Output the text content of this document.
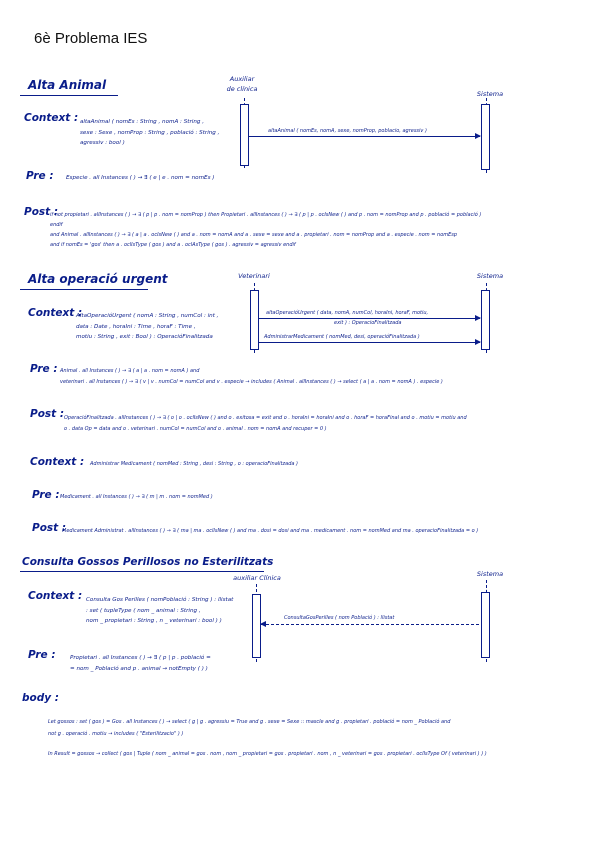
6è Problema IES
Alta Animal	Auxiliar
de clínica
Sistema
altaAnimal ( nomEs, nomA, sexe, nomProp, poblacio, agressiv )
Context : altaAnimal ( nomEs : String , nomA : String ,
sexe : Sexe , nomProp : String , població : String ,
agressiv : bool )
Pre : Especie . all Instances ( ) → ∃ ( e | e . nom = nomEs )
Post :
if not propietari . allInstances ( ) → ∃ ( p | p . nom = nomProp ) then Propietari . allInstances ( ) → ∃ ( p | p . ocIsNew ( ) and p . nom = nomProp and p . població = població )
endif
and Animal . allInstances ( ) → ∃ ( a | a . ocIsNew ( ) and a . nom = nomA and a . sexe = sexe and a . propietari . nom = nomProp and a . especie . nom = nomEsp
and if nomEs = 'gos' then a . oclIsType ( gos ) and a . oclAsType ( gos ) . agressiv = agressiv endif
Alta operació urgent	Veterinari	Sistema
altaOperacióUrgent ( data, nomA, numCol, horaIni, horaF, motiu,
exit ) : OperacioFinalitzada
AdministrarMedicament ( nomMed, desi, operacióFinalitzada )
Context :
AltaOperacióUrgent ( nomA : String , numCol : int ,
data : Date , horaIni : Time , horaF : Time ,
motiu : String , exit : Bool ) : OperacióFinalitzada
Pre : Animal . all Instances ( ) → ∃ ( a | a . nom = nomA ) and
veterinari . all Instances ( ) → ∃ ( v | v . numCol = numCol and v . especie → includes ( Animal . allInstances ( ) → select ( a | a . nom = nomA ) . especie )
Post : OperacióFinalitzada . allInstances ( ) → ∃ ( o | o . oclIsNew ( ) and o . exitosa = exit and o . horaIni = horaIni and o . horaF = horaFinal and o . motiu = motiu and
o . data Op = data and o . veterinari . numCol = numCol and o . animal . nom = nomA and recuper = 0 )
Context : Administrar Medicament ( nomMed : String , desi : String , o : operacioFinalitzada )
Pre : Medicament . all Instances ( ) → ∃ ( m | m . nom = nomMed )
Post :
Medicament Administrat . allInstances ( ) → ∃ ( ma | ma . oclIsNew ( ) and ma . dosi = dosi and ma . medicament . nom = nomMed and ma . operacioFinalitzada = o )
Consulta Gossos Perillosos no Esterilitzats
auxiliar Clínica	Sistema
ConsultaGosPerilles ( nom Població ) : llistat
Context : Consulta Gos Perilles ( nomPoblació : String ) : llistat
: set ( tupleType ( nom _ animal : String ,
nom _ propietari : String , n _ veterinari : bool ) )
Pre :	Propietari . all Instances ( ) → ∃ ( p | p . població =
= nom _ Població and p . animal → notEmpty ( ) )
body :
Let gossos : set ( gos ) = Gos . all Instances ( ) → select ( g | g . agressiu = True and g . sexe = Sexe :: mascle and g . propietari . població = nom _ Població and
not g . operació . motiu → includes ( "Esterilitzacio" ) )
In Result = gossos → collect ( gos | Tuple ( nom _ animal = gos . nom , nom _ propietari = gos . propietari . nom , n _ veterinari = gos . propietari . oclIsType Of ( veterinari ) ) )
